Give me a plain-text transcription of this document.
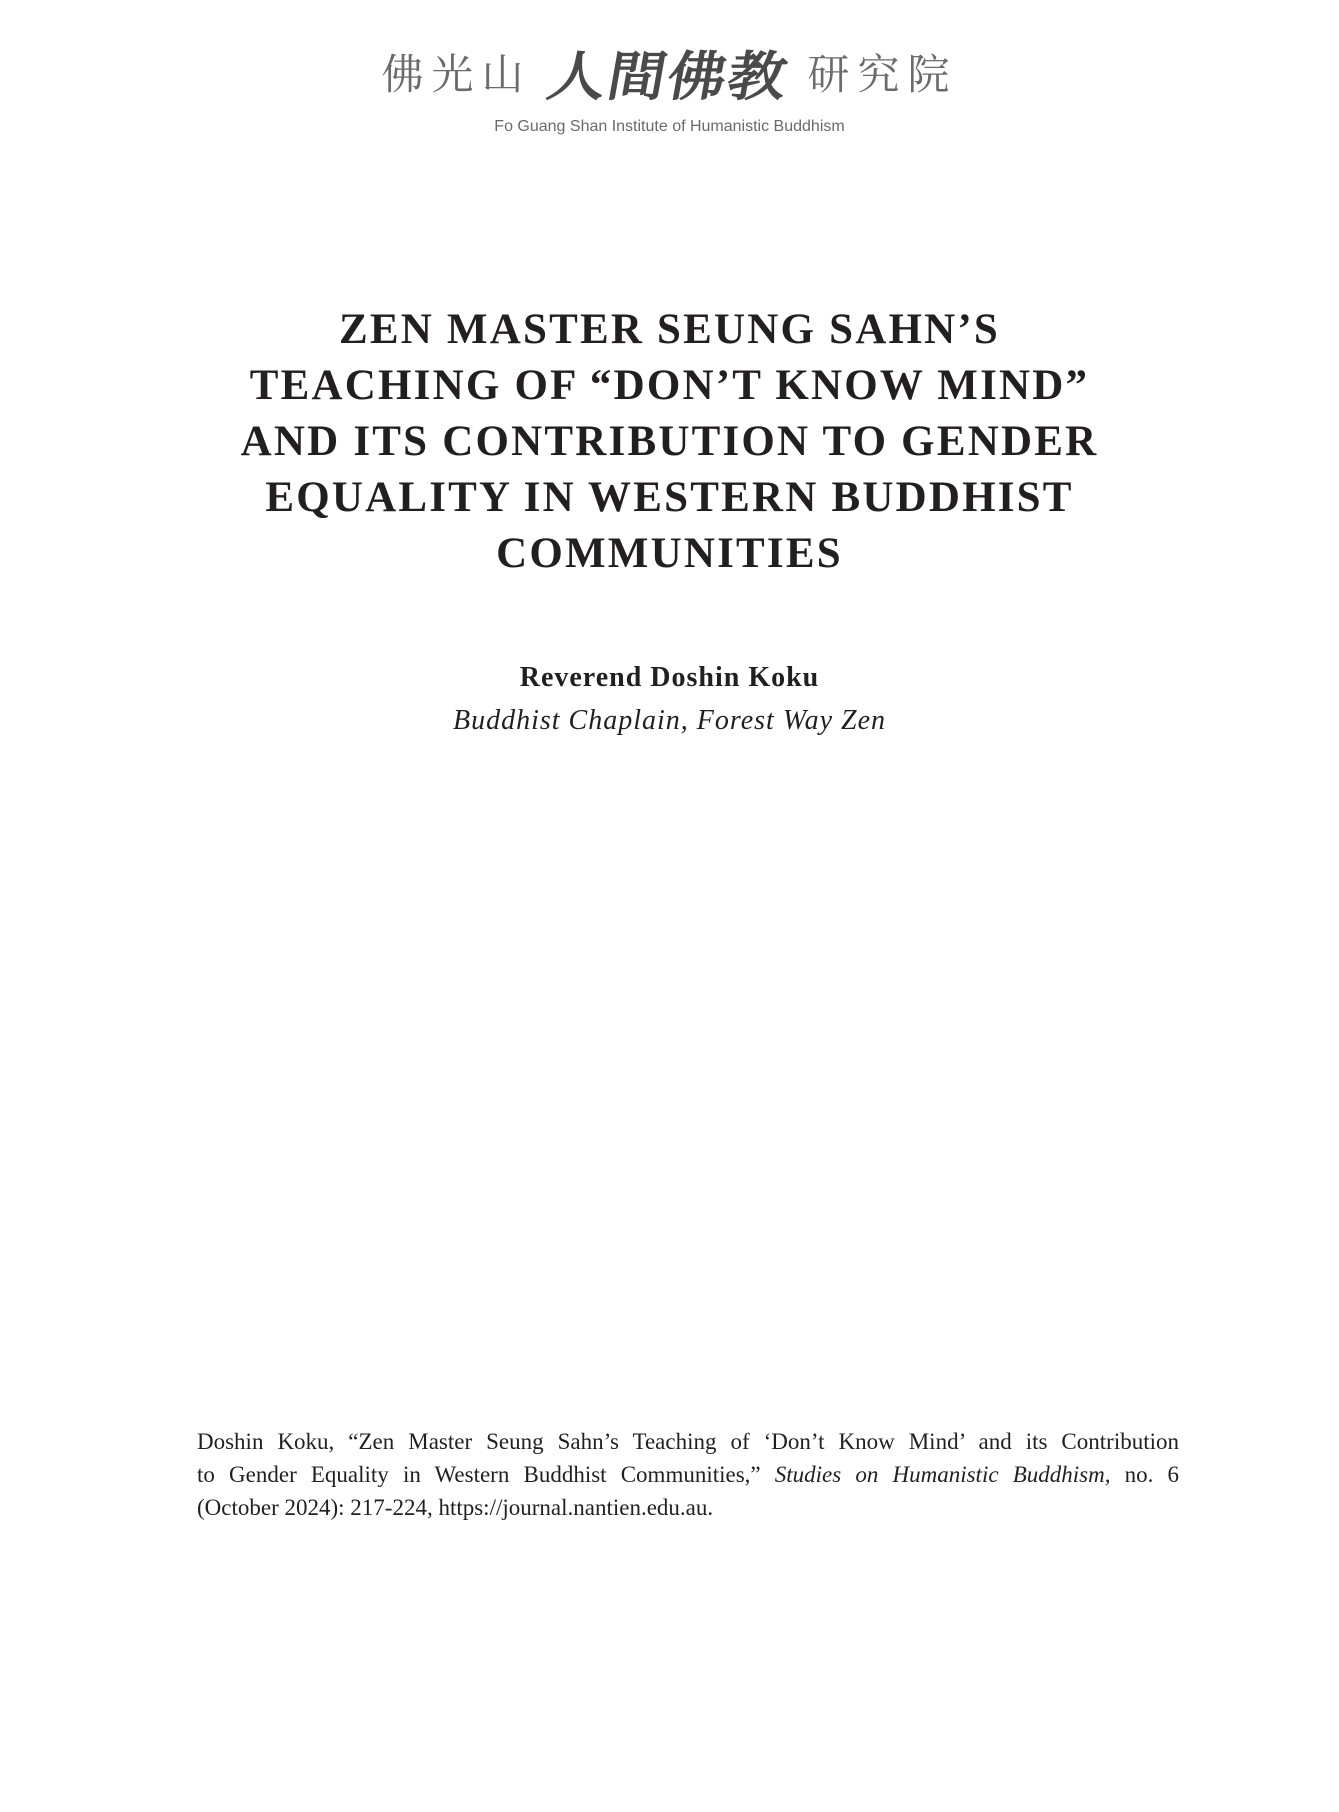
佛光山 人間佛教 研究院
Fo Guang Shan Institute of Humanistic Buddhism
ZEN MASTER SEUNG SAHN’S
TEACHING OF “DON’T KNOW MIND”
AND ITS CONTRIBUTION TO GENDER
EQUALITY IN WESTERN BUDDHIST
COMMUNITIES
Reverend Doshin Koku
Buddhist Chaplain, Forest Way Zen
Doshin Koku, “Zen Master Seung Sahn’s Teaching of ‘Don’t Know Mind’ and its Contribution
to Gender Equality in Western Buddhist Communities,” Studies on Humanistic Buddhism, no. 6
(October 2024): 217-224, https://journal.nantien.edu.au.
